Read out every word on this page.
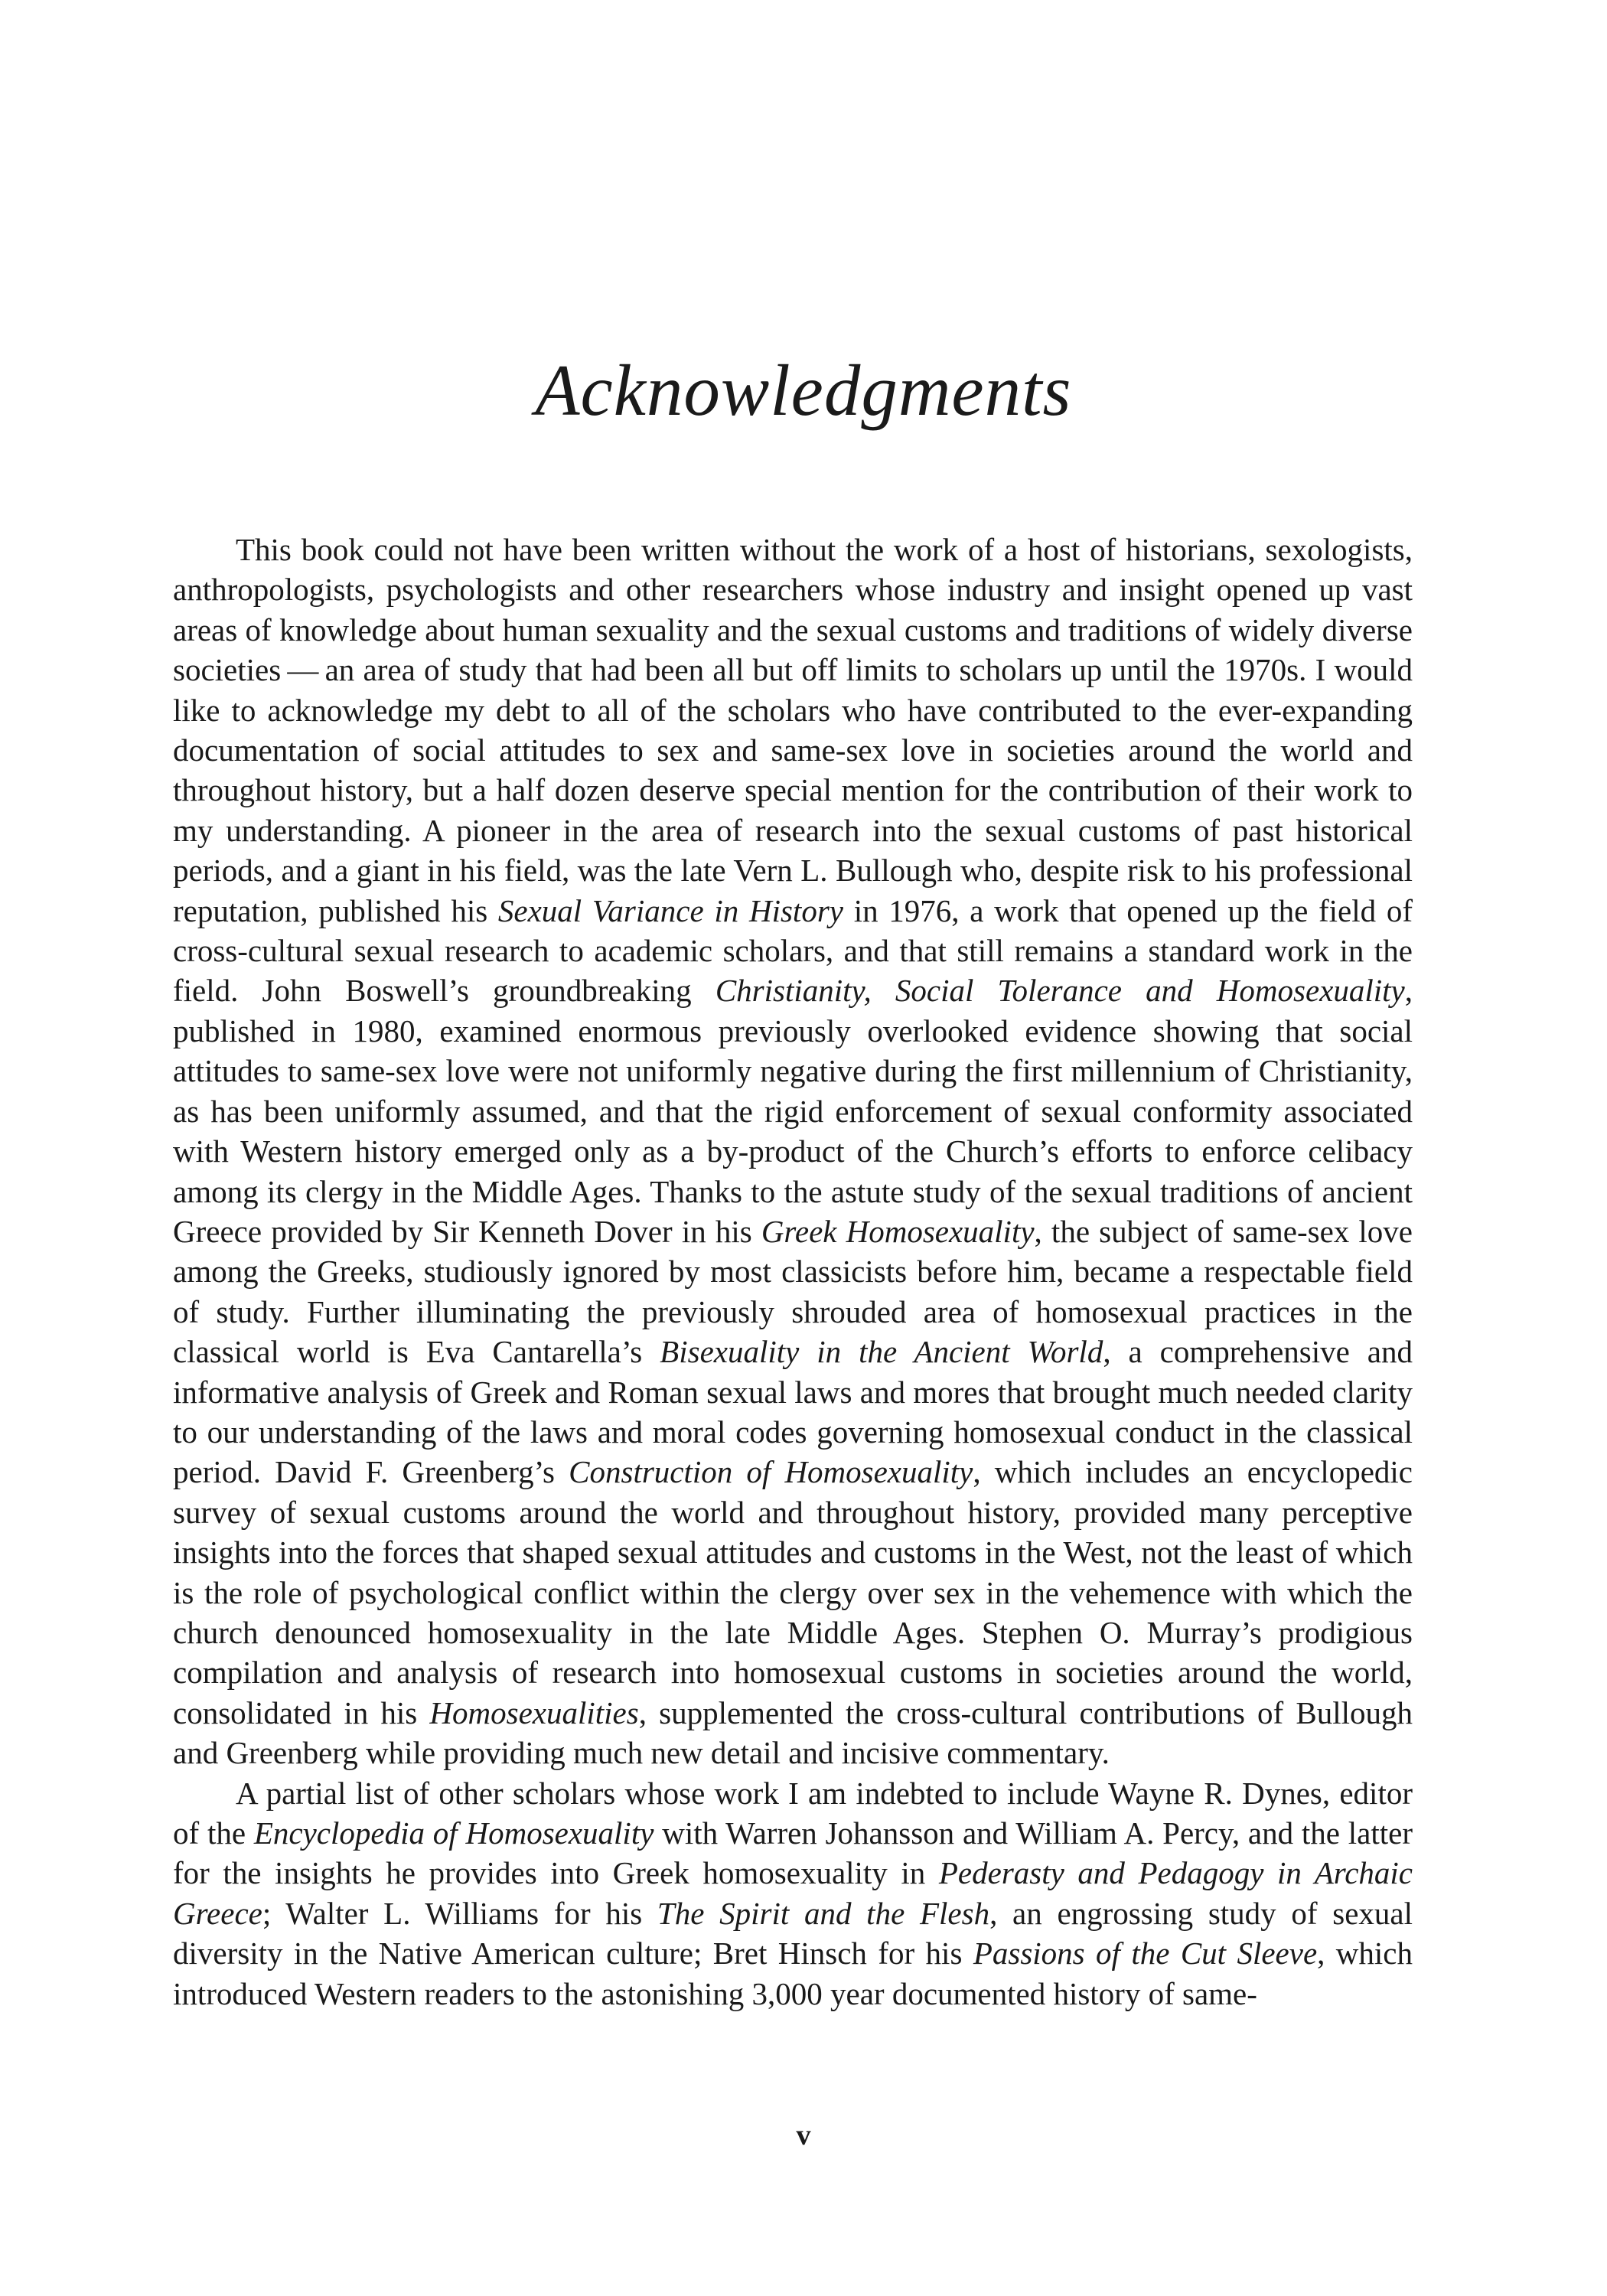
Acknowledgments

This book could not have been written without the work of a host of historians, sexologists, anthropologists, psychologists and other researchers whose industry and insight opened up vast areas of knowledge about human sexuality and the sexual customs and traditions of widely diverse societies — an area of study that had been all but off limits to scholars up until the 1970s. I would like to acknowledge my debt to all of the scholars who have contributed to the ever-expanding documentation of social attitudes to sex and same-sex love in societies around the world and throughout history, but a half dozen deserve special mention for the contribution of their work to my understanding. A pioneer in the area of research into the sexual customs of past historical periods, and a giant in his field, was the late Vern L. Bullough who, despite risk to his professional reputation, published his Sexual Variance in History in 1976, a work that opened up the field of cross-cultural sexual research to academic scholars, and that still remains a standard work in the field. John Boswell’s groundbreaking Christianity, Social Tolerance and Homosexuality, published in 1980, examined enormous previously overlooked evidence showing that social attitudes to same-sex love were not uniformly negative during the first millennium of Christianity, as has been uniformly assumed, and that the rigid enforcement of sexual conformity associated with Western history emerged only as a by-product of the Church’s efforts to enforce celibacy among its clergy in the Middle Ages. Thanks to the astute study of the sexual traditions of ancient Greece provided by Sir Kenneth Dover in his Greek Homosexuality, the subject of same-sex love among the Greeks, studiously ignored by most classicists before him, became a respectable field of study. Further illuminating the previously shrouded area of homosexual practices in the classical world is Eva Cantarella’s Bisexuality in the Ancient World, a comprehensive and informative analysis of Greek and Roman sexual laws and mores that brought much needed clarity to our understanding of the laws and moral codes governing homosexual conduct in the classical period. David F. Greenberg’s Construction of Homosexuality, which includes an encyclopedic survey of sexual customs around the world and throughout history, provided many perceptive insights into the forces that shaped sexual attitudes and customs in the West, not the least of which is the role of psychological conflict within the clergy over sex in the vehemence with which the church denounced homosexuality in the late Middle Ages. Stephen O. Murray’s prodigious compilation and analysis of research into homosexual customs in societies around the world, consolidated in his Homosexualities, supplemented the cross-cultural contributions of Bullough and Greenberg while providing much new detail and incisive commentary.

A partial list of other scholars whose work I am indebted to include Wayne R. Dynes, editor of the Encyclopedia of Homosexuality with Warren Johansson and William A. Percy, and the latter for the insights he provides into Greek homosexuality in Pederasty and Pedagogy in Archaic Greece; Walter L. Williams for his The Spirit and the Flesh, an engrossing study of sexual diversity in the Native American culture; Bret Hinsch for his Passions of the Cut Sleeve, which introduced Western readers to the astonishing 3,000 year documented history of same-

v
